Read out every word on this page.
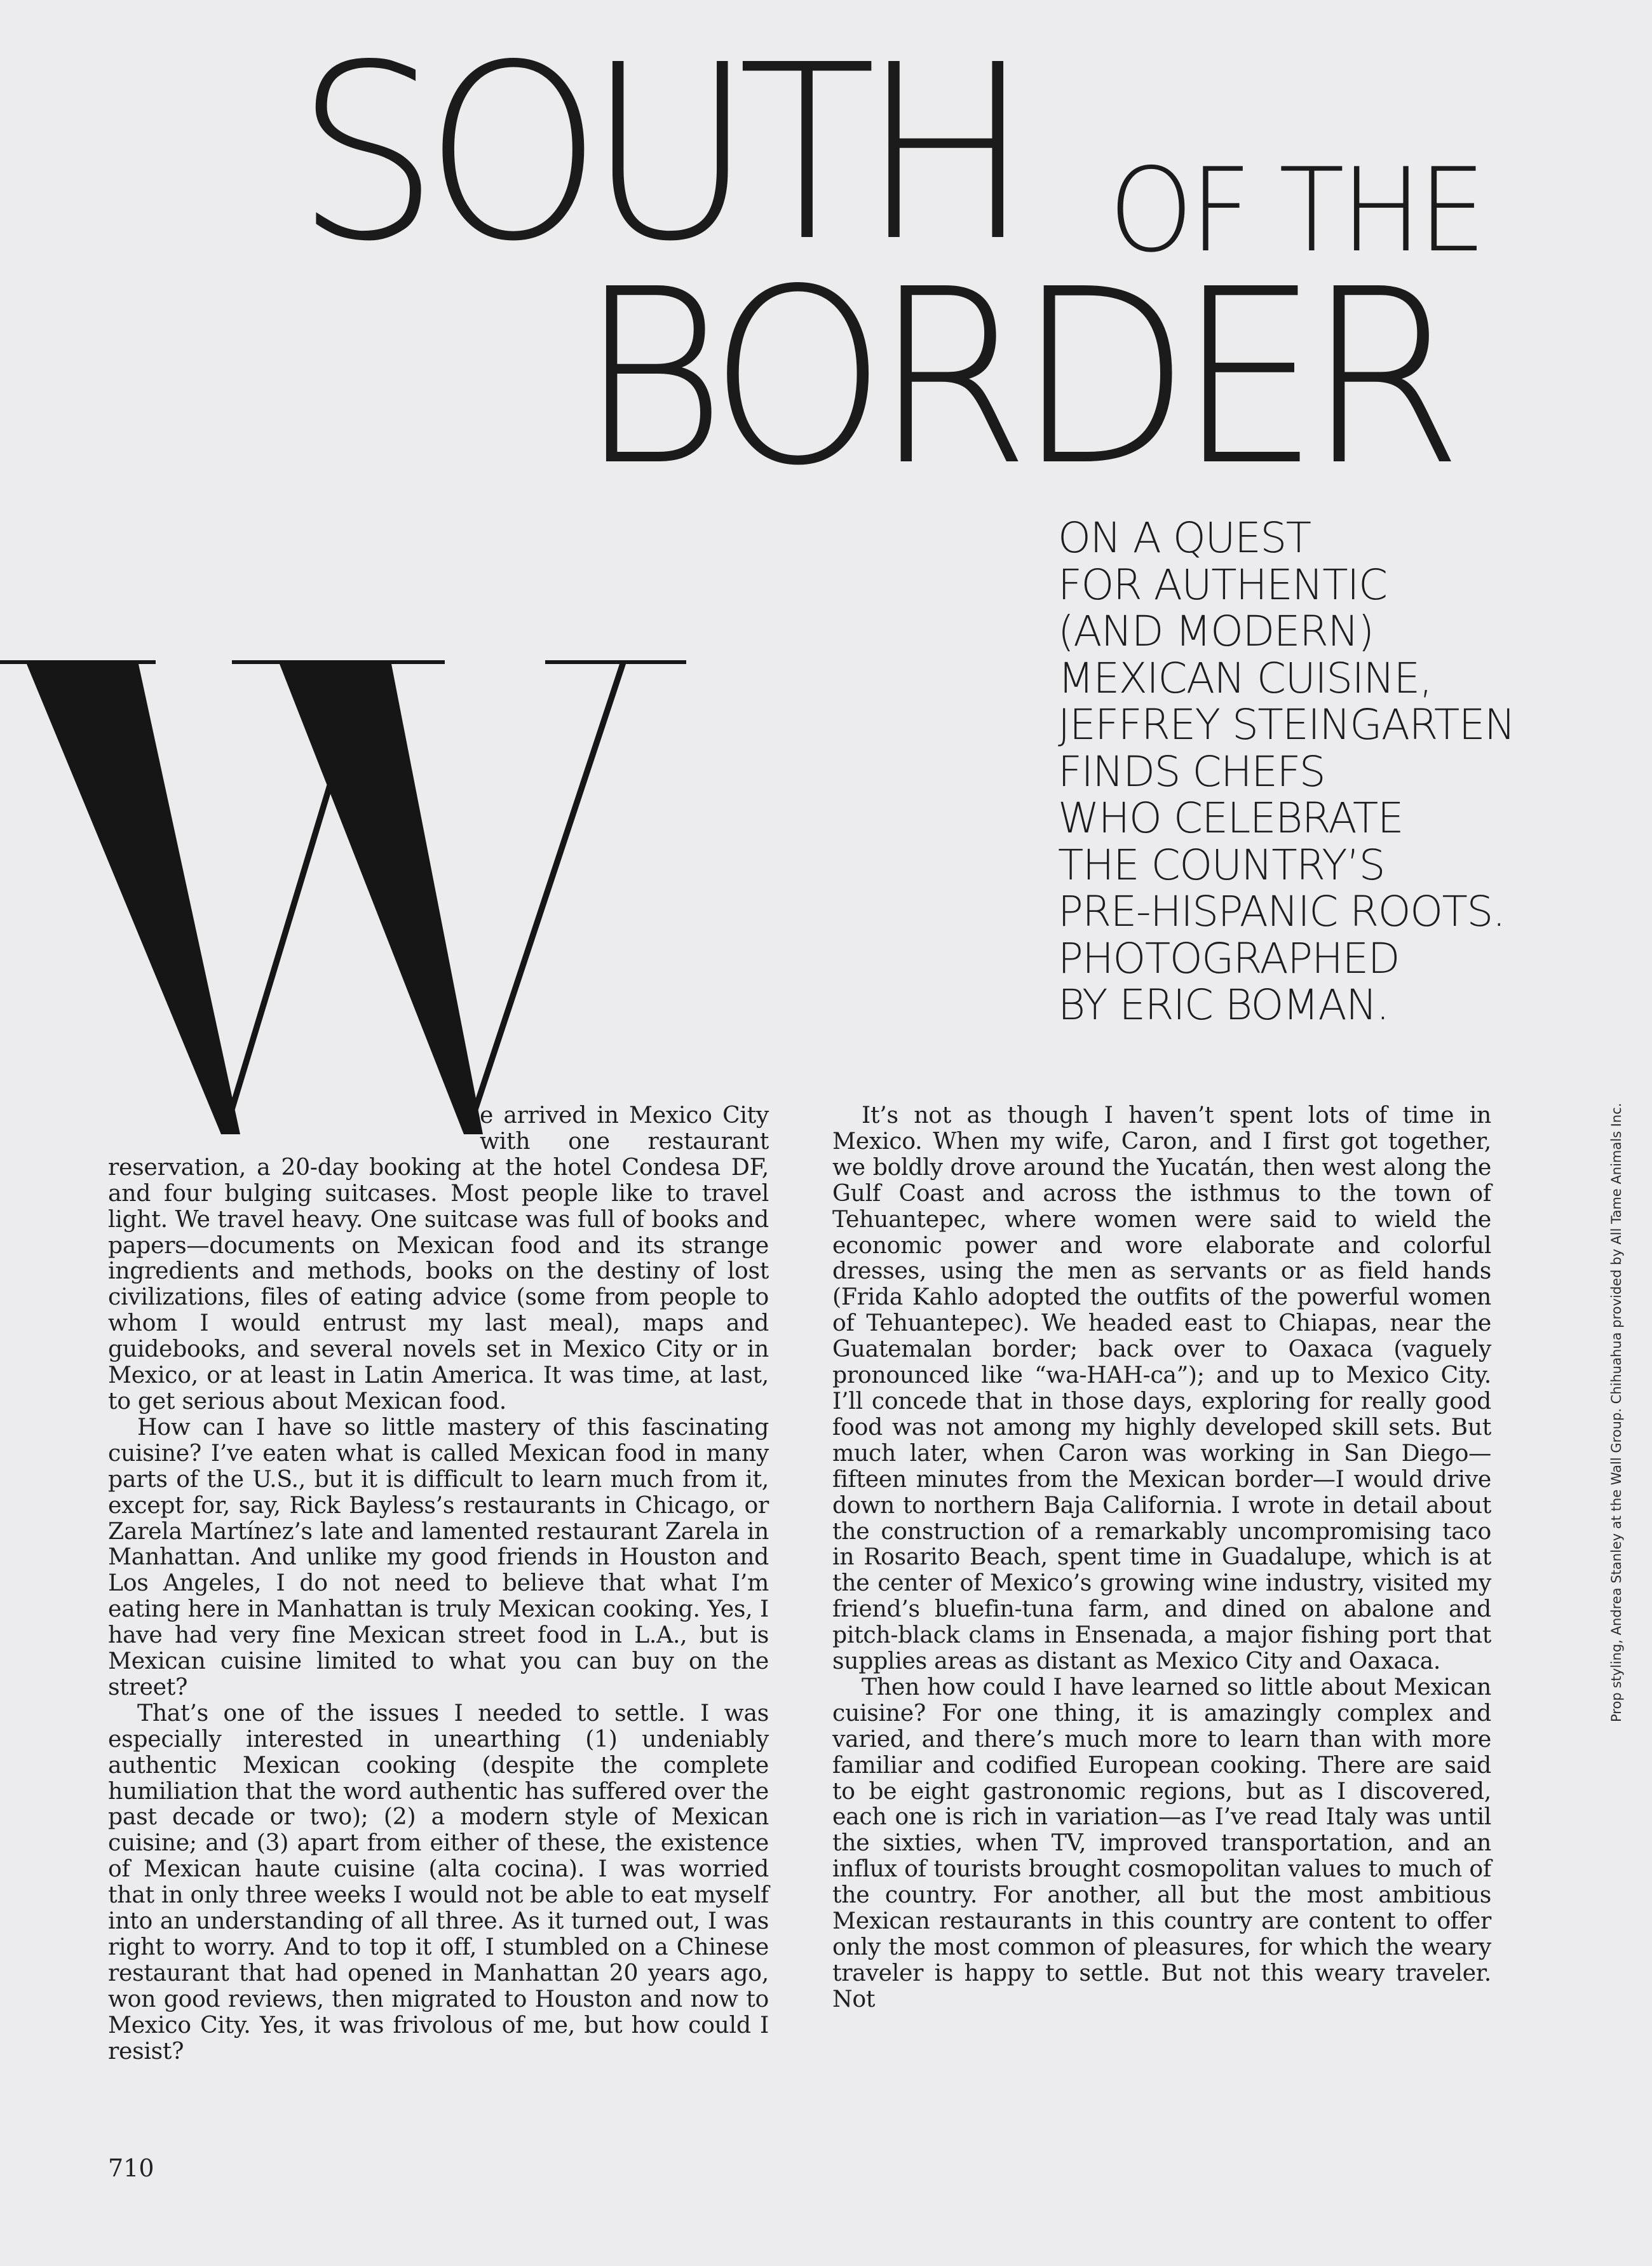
SOUTH OF THE
BORDER

ON A QUEST
FOR AUTHENTIC
(AND MODERN)
MEXICAN CUISINE,
JEFFREY STEINGARTEN
FINDS CHEFS
WHO CELEBRATE
THE COUNTRY’S
PRE-HISPANIC ROOTS.
PHOTOGRAPHED
BY ERIC BOMAN.

e arrived in Mexico City with one restaurant reservation, a 20-day booking at the hotel Condesa DF, and four bulging suitcases. Most people like to travel light. We travel heavy. One suitcase was full of books and papers—documents on Mexican food and its strange ingredients and methods, books on the destiny of lost civilizations, files of eating advice (some from people to whom I would entrust my last meal), maps and guidebooks, and several novels set in Mexico City or in Mexico, or at least in Latin America. It was time, at last, to get serious about Mexican food.

How can I have so little mastery of this fascinating cuisine? I’ve eaten what is called Mexican food in many parts of the U.S., but it is difficult to learn much from it, except for, say, Rick Bayless’s restaurants in Chicago, or Zarela Martínez’s late and lamented restaurant Zarela in Manhattan. And unlike my good friends in Houston and Los Angeles, I do not need to believe that what I’m eating here in Manhattan is truly Mexican cooking. Yes, I have had very fine Mexican street food in L.A., but is Mexican cuisine limited to what you can buy on the street?

That’s one of the issues I needed to settle. I was especially interested in unearthing (1) undeniably authentic Mexican cooking (despite the complete humiliation that the word authentic has suffered over the past decade or two); (2) a modern style of Mexican cuisine; and (3) apart from either of these, the existence of Mexican haute cuisine (alta cocina). I was worried that in only three weeks I would not be able to eat myself into an understanding of all three. As it turned out, I was right to worry. And to top it off, I stumbled on a Chinese restaurant that had opened in Manhattan 20 years ago, won good reviews, then migrated to Houston and now to Mexico City. Yes, it was frivolous of me, but how could I resist?

It’s not as though I haven’t spent lots of time in Mexico. When my wife, Caron, and I first got together, we boldly drove around the Yucatán, then west along the Gulf Coast and across the isthmus to the town of Tehuantepec, where women were said to wield the economic power and wore elaborate and colorful dresses, using the men as servants or as field hands (Frida Kahlo adopted the outfits of the powerful women of Tehuantepec). We headed east to Chiapas, near the Guatemalan border; back over to Oaxaca (vaguely pronounced like “wa-HAH-ca”); and up to Mexico City. I’ll concede that in those days, exploring for really good food was not among my highly developed skill sets. But much later, when Caron was working in San Diego—fifteen minutes from the Mexican border—I would drive down to northern Baja California. I wrote in detail about the construction of a remarkably uncompromising taco in Rosarito Beach, spent time in Guadalupe, which is at the center of Mexico’s growing wine industry, visited my friend’s bluefin-tuna farm, and dined on abalone and pitch-black clams in Ensenada, a major fishing port that supplies areas as distant as Mexico City and Oaxaca.

Then how could I have learned so little about Mexican cuisine? For one thing, it is amazingly complex and varied, and there’s much more to learn than with more familiar and codified European cooking. There are said to be eight gastronomic regions, but as I discovered, each one is rich in variation—as I’ve read Italy was until the sixties, when TV, improved transportation, and an influx of tourists brought cosmopolitan values to much of the country. For another, all but the most ambitious Mexican restaurants in this country are content to offer only the most common of pleasures, for which the weary traveler is happy to settle. But not this weary traveler. Not

710

Prop styling, Andrea Stanley at the Wall Group. Chihuahua provided by All Tame Animals Inc.
